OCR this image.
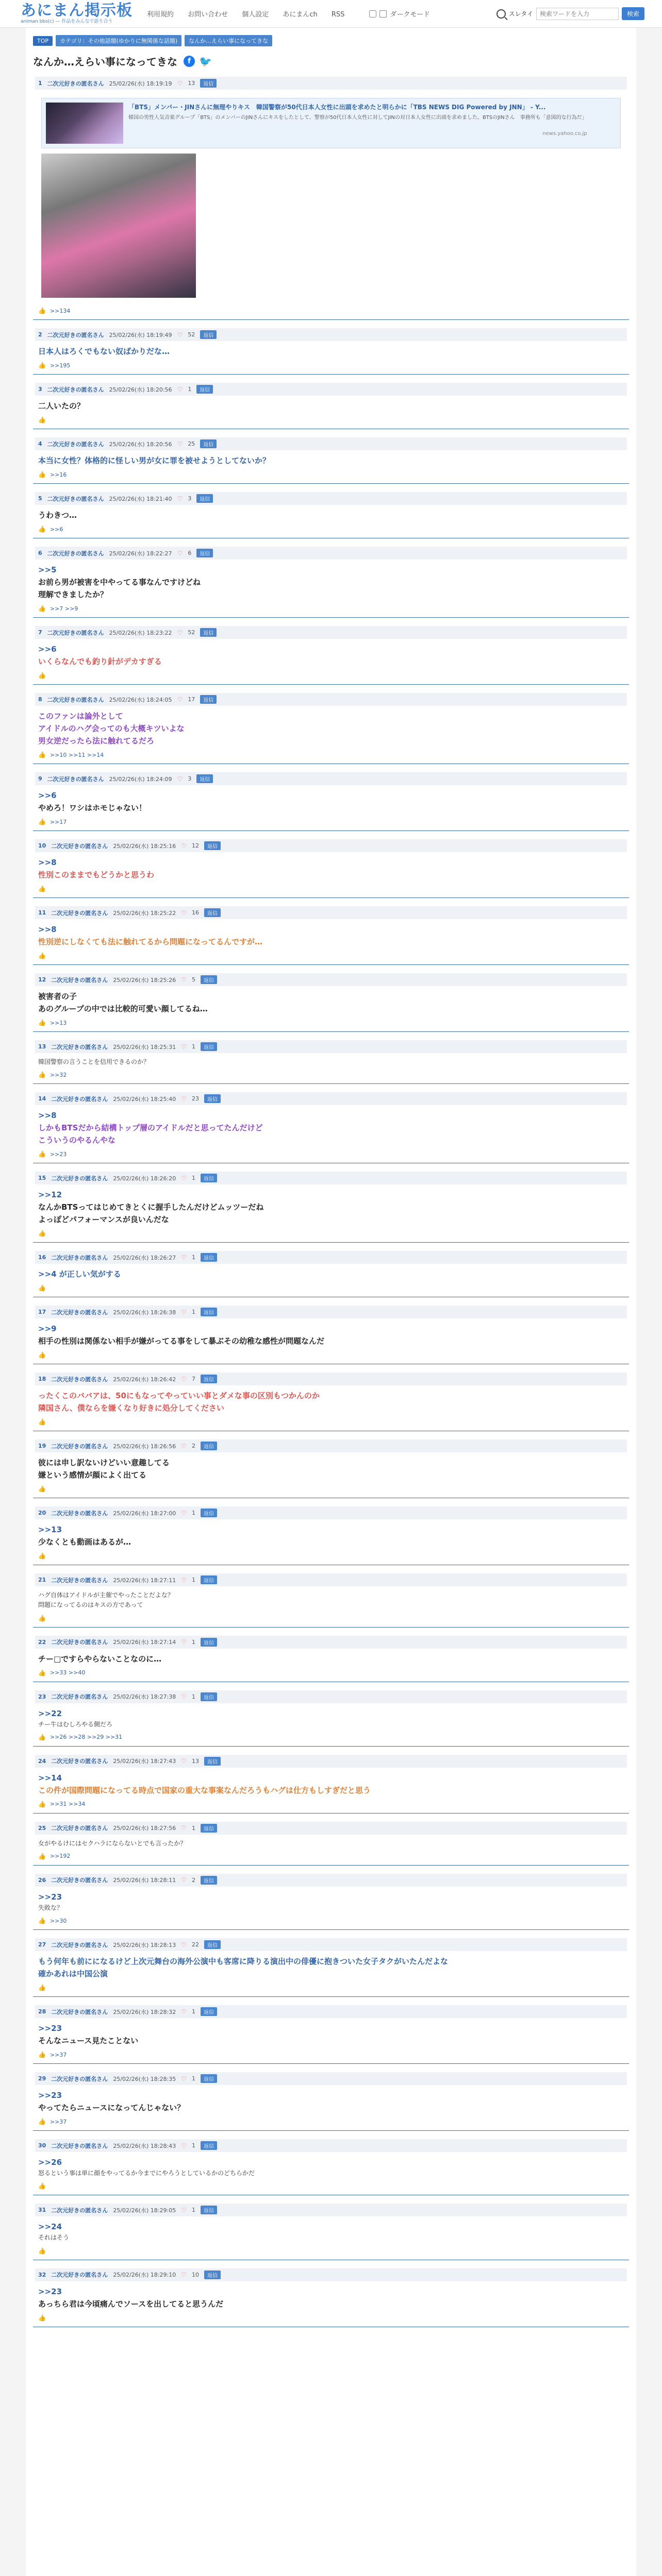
あにまん掲示板
animan bbs(c) — 作品をみんなで語り合う
利用規約 お問い合わせ 個人設定 あにまんch RSS	ダークモード	スレタイ
検索ワードを入力	検索
TOP	カテゴリ：その他話題(ゆかりに無関係な話題)	なんか…えらい事になってきな
なんか…えらい事になってきな	f 🐦
1 二次元好きの匿名さん 25/02/26(水) 18:19:19 ♡ 13	返信
「BTS」メンバー・JINさんに無理やりキス　韓国警察が50代日本人女性に出頭を求めたと明らかに「TBS NEWS DIG Powered by JNN」 - Y...
韓国の男性人気音楽グループ「BTS」のメンバーのJINさんにキスをしたとして、警察が50代日本人女性に対してJINの対日本人女性に出頭を求めました。BTSのJINさん　事務所も「意図的な行為だ」
news.yahoo.co.jp
👍 >>134
2 二次元好きの匿名さん 25/02/26(水) 18:19:49 ♡ 52	返信
日本人はろくでもない奴ばかりだな…
👍 >>195
3 二次元好きの匿名さん 25/02/26(水) 18:20:56 ♡ 1	返信
二人いたの？
👍
4 二次元好きの匿名さん 25/02/26(水) 18:20:56 ♡ 25	返信
本当に女性？体格的に怪しい男が女に罪を被せようとしてないか？
👍 >>16
5 二次元好きの匿名さん 25/02/26(水) 18:21:40 ♡ 3	返信
うわきつ…
👍 >>6
6 二次元好きの匿名さん 25/02/26(水) 18:22:27 ♡ 6	返信
>>5
お前ら男が被害を中やってる事なんですけどね
理解できましたか？
👍 >>7 >>9
7 二次元好きの匿名さん 25/02/26(水) 18:23:22 ♡ 52	返信
>>6
いくらなんでも釣り針がデカすぎる
👍
8 二次元好きの匿名さん 25/02/26(水) 18:24:05 ♡ 17	返信
このファンは論外として
アイドルのハグ会ってのも大概キツいよな
男女逆だったら法に触れてるだろ
👍 >>10 >>11 >>14
9 二次元好きの匿名さん 25/02/26(水) 18:24:09 ♡ 3	返信
>>6
やめろ！ワシはホモじゃない！
👍 >>17
10 二次元好きの匿名さん 25/02/26(水) 18:25:16 ♡ 12	返信
>>8
性別このままでもどうかと思うわ
👍
11 二次元好きの匿名さん 25/02/26(水) 18:25:22 ♡ 16	返信
>>8
性別逆にしなくても法に触れてるから問題になってるんですが…
👍
12 二次元好きの匿名さん 25/02/26(水) 18:25:26 ♡ 5	返信
被害者の子
あのグループの中では比較的可愛い顔してるね…
👍 >>13
13 二次元好きの匿名さん 25/02/26(水) 18:25:31 ♡ 1	返信
韓国警察の言うことを信用できるのか？
👍 >>32
14 二次元好きの匿名さん 25/02/26(水) 18:25:40 ♡ 23	返信
>>8
しかもBTSだから結構トップ層のアイドルだと思ってたんだけど
こういうのやるんやな
👍 >>23
15 二次元好きの匿名さん 25/02/26(水) 18:26:20 ♡ 1	返信
>>12
なんかBTSってはじめてきとくに握手したんだけどムッツーだね
よっぽどパフォーマンスが良いんだな
👍
16 二次元好きの匿名さん 25/02/26(水) 18:26:27 ♡ 1	返信
>>4 が正しい気がする
👍
17 二次元好きの匿名さん 25/02/26(水) 18:26:38 ♡ 1	返信
>>9
相手の性別は関係ない相手が嫌がってる事をして暴ぶその幼稚な感性が問題なんだ
👍
18 二次元好きの匿名さん 25/02/26(水) 18:26:42 ♡ 7	返信
ったくこのババアは、50にもなってやっていい事とダメな事の区別もつかんのか
隣国さん、僕ならを嫌くなり好きに処分してください
👍
19 二次元好きの匿名さん 25/02/26(水) 18:26:56 ♡ 2	返信
彼には申し訳ないけどいい意趣してる
嫌という感情が顔によく出てる
👍
20 二次元好きの匿名さん 25/02/26(水) 18:27:00 ♡ 1	返信
>>13
少なくとも動画はあるが…
👍
21 二次元好きの匿名さん 25/02/26(水) 18:27:11 ♡ 1	返信
ハグ自体はアイドルが主催でやったことだよな？
問題になってるのはキスの方であって
👍
22 二次元好きの匿名さん 25/02/26(水) 18:27:14 ♡ 1	返信
チー□ですらやらないことなのに…
👍 >>33 >>40
23 二次元好きの匿名さん 25/02/26(水) 18:27:38 ♡ 1	返信
>>22
チー牛はむしろやる側だろ
👍 >>26 >>28 >>29 >>31
24 二次元好きの匿名さん 25/02/26(水) 18:27:43 ♡ 13	返信
>>14
この件が国際問題になってる時点で国家の重大な事案なんだろうもハグは仕方もしすぎだと思う
👍 >>31 >>34
25 二次元好きの匿名さん 25/02/26(水) 18:27:56 ♡ 1	返信
女がやるけにはセクハラにならないとでも言ったか？
👍 >>192
26 二次元好きの匿名さん 25/02/26(水) 18:28:11 ♡ 2	返信
>>23
失敗な？
👍 >>30
27 二次元好きの匿名さん 25/02/26(水) 18:28:13 ♡ 22	返信
もう何年も前にになるけど上次元舞台の海外公演中も客席に降りる演出中の俳優に抱きついた女子タクがいたんだよな
確かあれは中国公演
👍
28 二次元好きの匿名さん 25/02/26(水) 18:28:32 ♡ 1	返信
>>23
そんなニュース見たことない
👍 >>37
29 二次元好きの匿名さん 25/02/26(水) 18:28:35 ♡ 1	返信
>>23
やってたらニュースになってんじゃない？
👍 >>37
30 二次元好きの匿名さん 25/02/26(水) 18:28:43 ♡ 1	返信
>>26
怒るという事は単に顔をやってるか今までにやろうとしているかのどちらかだ
👍
31 二次元好きの匿名さん 25/02/26(水) 18:29:05 ♡ 1	返信
>>24
それはそう
👍
32 二次元好きの匿名さん 25/02/26(水) 18:29:10 ♡ 10	返信
>>23
あっちら君は今頃痛んでソースを出してると思うんだ
👍
